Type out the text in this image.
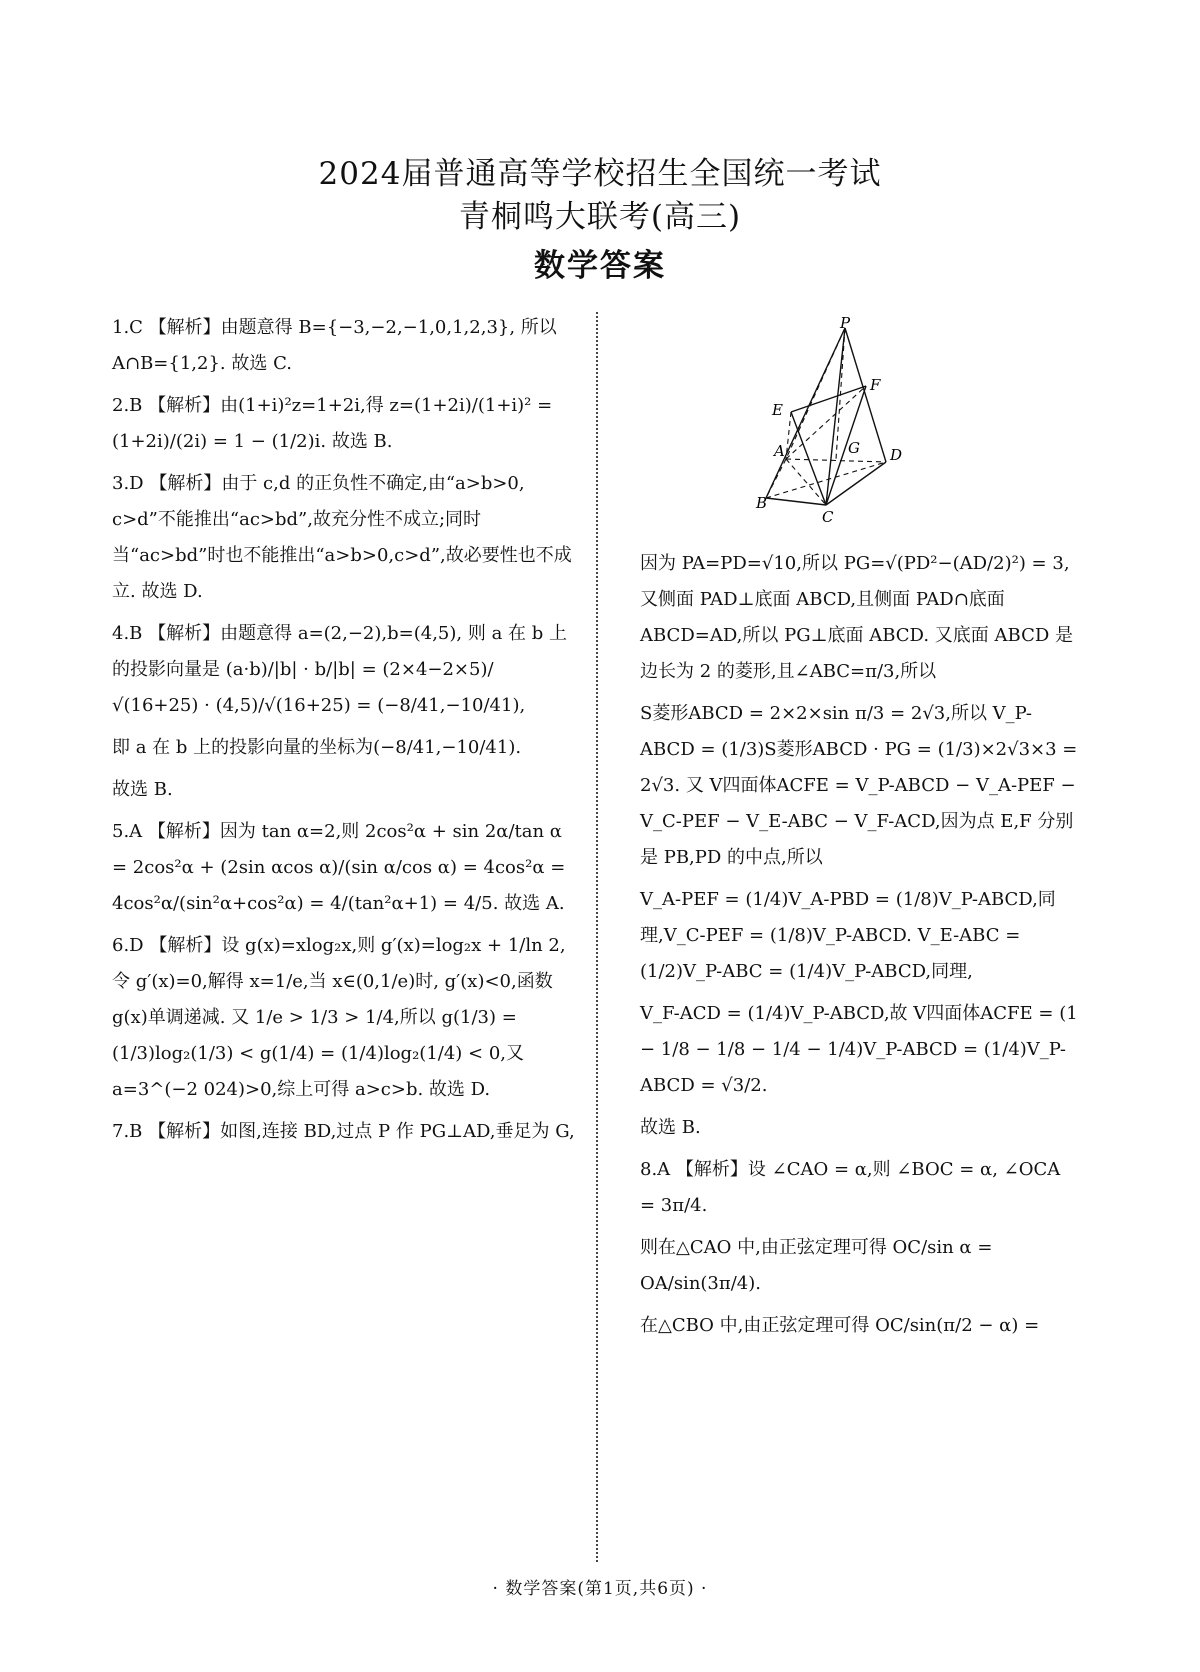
2024届普通高等学校招生全国统一考试
青桐鸣大联考(高三)
数学答案

1.C 【解析】由题意得 B={−3,−2,−1,0,1,2,3}, 所以 A∩B={1,2}. 故选 C.

2.B 【解析】由(1+i)²z=1+2i,得 z=(1+2i)/(1+i)² = (1+2i)/(2i) = 1 − (1/2)i. 故选 B.

3.D 【解析】由于 c,d 的正负性不确定,由“a>b>0, c>d”不能推出“ac>bd”,故充分性不成立;同时当“ac>bd”时也不能推出“a>b>0,c>d”,故必要性也不成立. 故选 D.

4.B 【解析】由题意得 a=(2,−2),b=(4,5), 则 a 在 b 上的投影向量是 (a·b)/|b| · b/|b| = (2×4−2×5)/√(16+25) · (4,5)/√(16+25) = (−8/41,−10/41),

即 a 在 b 上的投影向量的坐标为(−8/41,−10/41).

故选 B.

5.A 【解析】因为 tan α=2,则 2cos²α + sin 2α/tan α = 2cos²α + (2sin αcos α)/(sin α/cos α) = 4cos²α = 4cos²α/(sin²α+cos²α) = 4/(tan²α+1) = 4/5. 故选 A.

6.D 【解析】设 g(x)=xlog₂x,则 g′(x)=log₂x + 1/ln 2,令 g′(x)=0,解得 x=1/e,当 x∈(0,1/e)时, g′(x)<0,函数 g(x)单调递减. 又 1/e > 1/3 > 1/4,所以 g(1/3) = (1/3)log₂(1/3) < g(1/4) = (1/4)log₂(1/4) < 0,又 a=3^(−2 024)>0,综上可得 a>c>b. 故选 D.

7.B 【解析】如图,连接 BD,过点 P 作 PG⊥AD,垂足为 G,

P
F
E
A	G D
B
C

因为 PA=PD=√10,所以 PG=√(PD²−(AD/2)²) = 3,又侧面 PAD⊥底面 ABCD,且侧面 PAD∩底面 ABCD=AD,所以 PG⊥底面 ABCD. 又底面 ABCD 是边长为 2 的菱形,且∠ABC=π/3,所以

S菱形ABCD = 2×2×sin π/3 = 2√3,所以 V_P-ABCD = (1/3)S菱形ABCD · PG = (1/3)×2√3×3 = 2√3. 又 V四面体ACFE = V_P-ABCD − V_A-PEF − V_C-PEF − V_E-ABC − V_F-ACD,因为点 E,F 分别是 PB,PD 的中点,所以

V_A-PEF = (1/4)V_A-PBD = (1/8)V_P-ABCD,同理,V_C-PEF = (1/8)V_P-ABCD. V_E-ABC = (1/2)V_P-ABC = (1/4)V_P-ABCD,同理,

V_F-ACD = (1/4)V_P-ABCD,故 V四面体ACFE = (1 − 1/8 − 1/8 − 1/4 − 1/4)V_P-ABCD = (1/4)V_P-ABCD = √3/2.

故选 B.

8.A 【解析】设 ∠CAO = α,则 ∠BOC = α, ∠OCA = 3π/4.

则在△CAO 中,由正弦定理可得 OC/sin α = OA/sin(3π/4).

在△CBO 中,由正弦定理可得 OC/sin(π/2 − α) =

· 数学答案(第1页,共6页) ·
